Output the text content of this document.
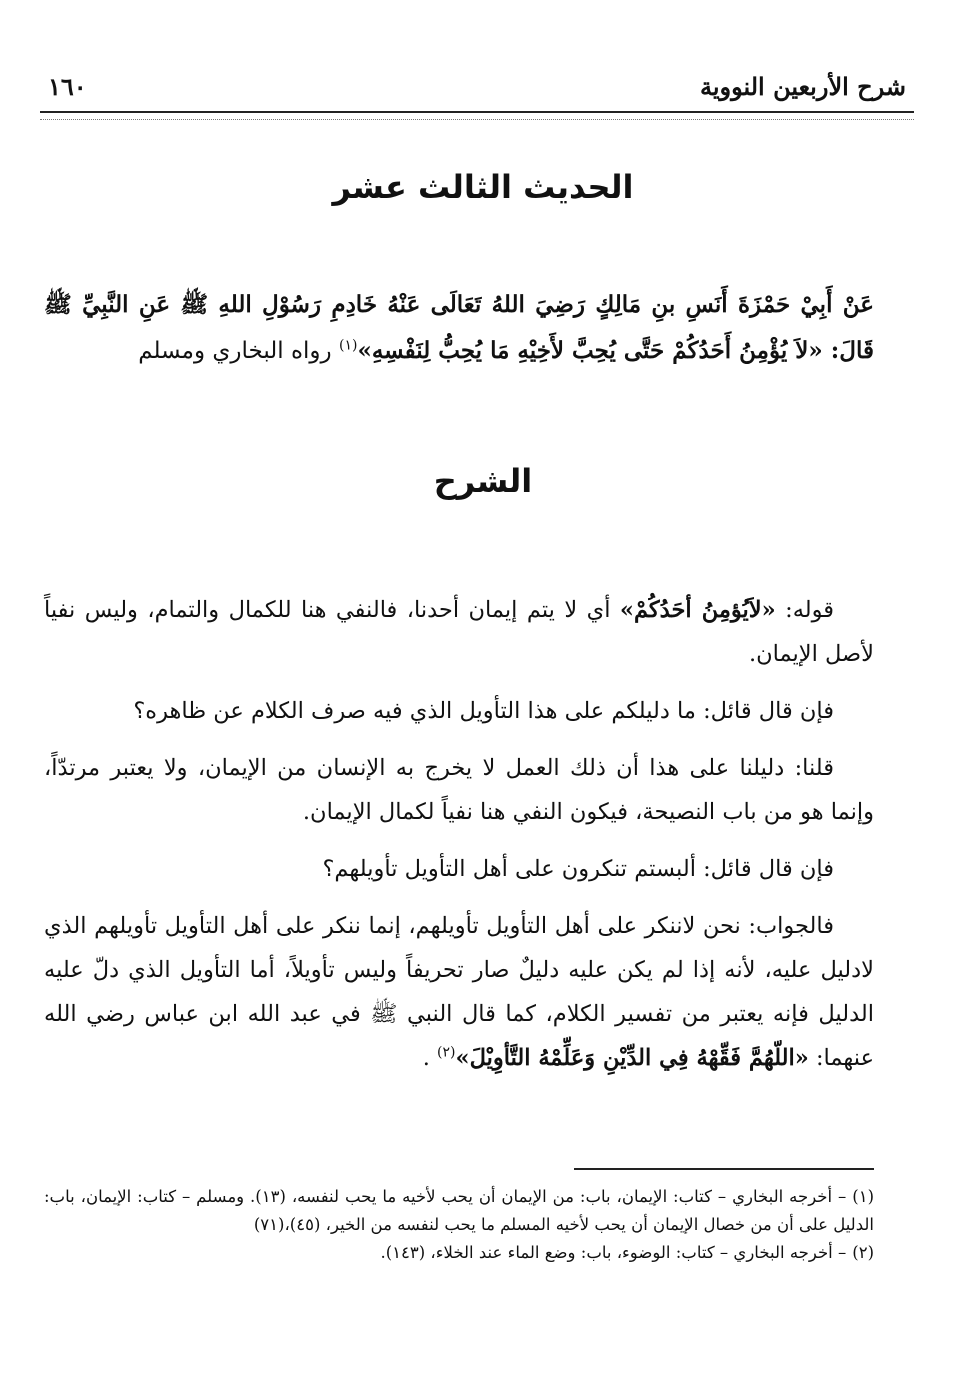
شرح الأربعين النووية
١٦٠
الحديث الثالث عشر
عَنْ أَبِيْ حَمْزَةَ أَنَسِ بنِ مَالِكٍ رَضِيَ اللهُ تَعَالَى عَنْهُ خَادِمِ رَسُوْلِ اللهِ ﷺ عَنِ النَّبِيِّ ﷺ قَالَ: «لاَ يُؤْمِنُ أَحَدُكُمْ حَتَّى يُحِبَّ لأَخِيْهِ مَا يُحِبُّ لِنَفْسِهِ»$^{(١)}$ رواه البخاري ومسلم
الشرح

قوله: «لاَيُؤمِنُ أحَدُكُمْ» أي لا يتم إيمان أحدنا، فالنفي هنا للكمال والتمام، وليس نفياً لأصل الإيمان.

فإن قال قائل: ما دليلكم على هذا التأويل الذي فيه صرف الكلام عن ظاهره؟

قلنا: دليلنا على هذا أن ذلك العمل لا يخرج به الإنسان من الإيمان، ولا يعتبر مرتدّاً، وإنما هو من باب النصيحة، فيكون النفي هنا نفياً لكمال الإيمان.

فإن قال قائل: ألبستم تنكرون على أهل التأويل تأويلهم؟

فالجواب: نحن لاننكر على أهل التأويل تأويلهم، إنما ننكر على أهل التأويل تأويلهم الذي لادليل عليه، لأنه إذا لم يكن عليه دليلٌ صار تحريفاً وليس تأويلاً، أما التأويل الذي دلّ عليه الدليل فإنه يعتبر من تفسير الكلام، كما قال النبي ﷺ في عبد الله ابن عباس رضي الله عنهما: «اللّهُمَّ فَقِّهْهُ فِي الدِّيْنِ وَعَلِّمْهُ التَّأوِيْلَ»$^{(٢)}$ .

(١)– أخرجه البخاري – كتاب: الإيمان، باب: من الإيمان أن يحب لأخيه ما يحب لنفسه، (١٣). ومسلم – كتاب: الإيمان، باب: الدليل على أن من خصال الإيمان أن يحب لأخيه المسلم ما يحب لنفسه من الخير، (٤٥)،(٧١)

(٢)– أخرجه البخاري – كتاب: الوضوء، باب: وضع الماء عند الخلاء، (١٤٣).
